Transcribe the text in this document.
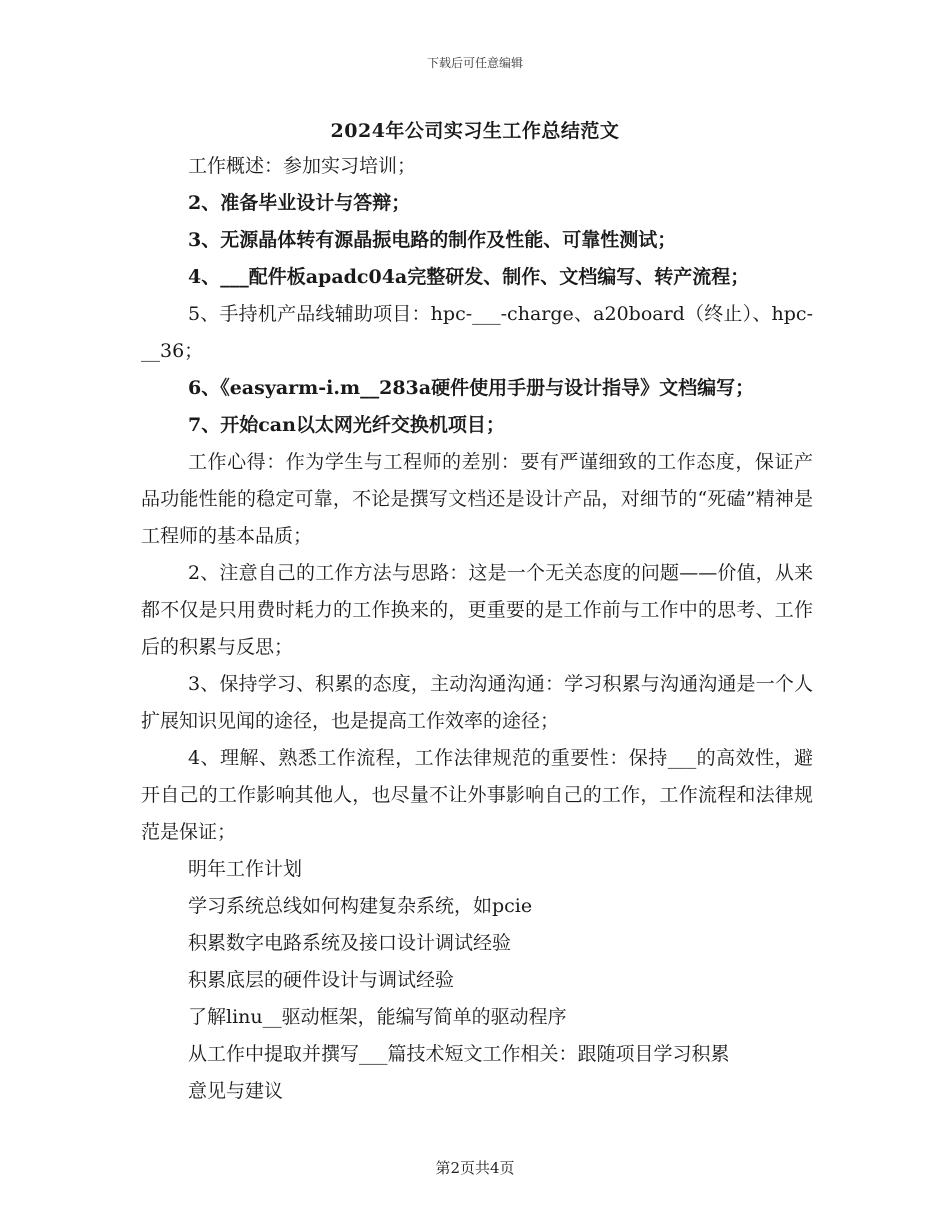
下载后可任意编辑
2024年公司实习生工作总结范文

工作概述：参加实习培训；

2、准备毕业设计与答辩；

3、无源晶体转有源晶振电路的制作及性能、可靠性测试；

4、___配件板apadc04a完整研发、制作、文档编写、转产流程；

5、手持机产品线辅助项目：hpc-___-charge、a20board（终止）、hpc-__36；

6、《easyarm-i.m__283a硬件使用手册与设计指导》文档编写；

7、开始can以太网光纤交换机项目；

工作心得：作为学生与工程师的差别：要有严谨细致的工作态度，保证产品功能性能的稳定可靠，不论是撰写文档还是设计产品，对细节的“死磕”精神是工程师的基本品质；

2、注意自己的工作方法与思路：这是一个无关态度的问题——价值，从来都不仅是只用费时耗力的工作换来的，更重要的是工作前与工作中的思考、工作后的积累与反思；

3、保持学习、积累的态度，主动沟通沟通：学习积累与沟通沟通是一个人扩展知识见闻的途径，也是提高工作效率的途径；

4、理解、熟悉工作流程，工作法律规范的重要性：保持___的高效性，避开自己的工作影响其他人，也尽量不让外事影响自己的工作，工作流程和法律规范是保证；

明年工作计划

学习系统总线如何构建复杂系统，如pcie

积累数字电路系统及接口设计调试经验

积累底层的硬件设计与调试经验

了解linu__驱动框架，能编写简单的驱动程序

从工作中提取并撰写___篇技术短文工作相关：跟随项目学习积累

意见与建议

第2页共4页
